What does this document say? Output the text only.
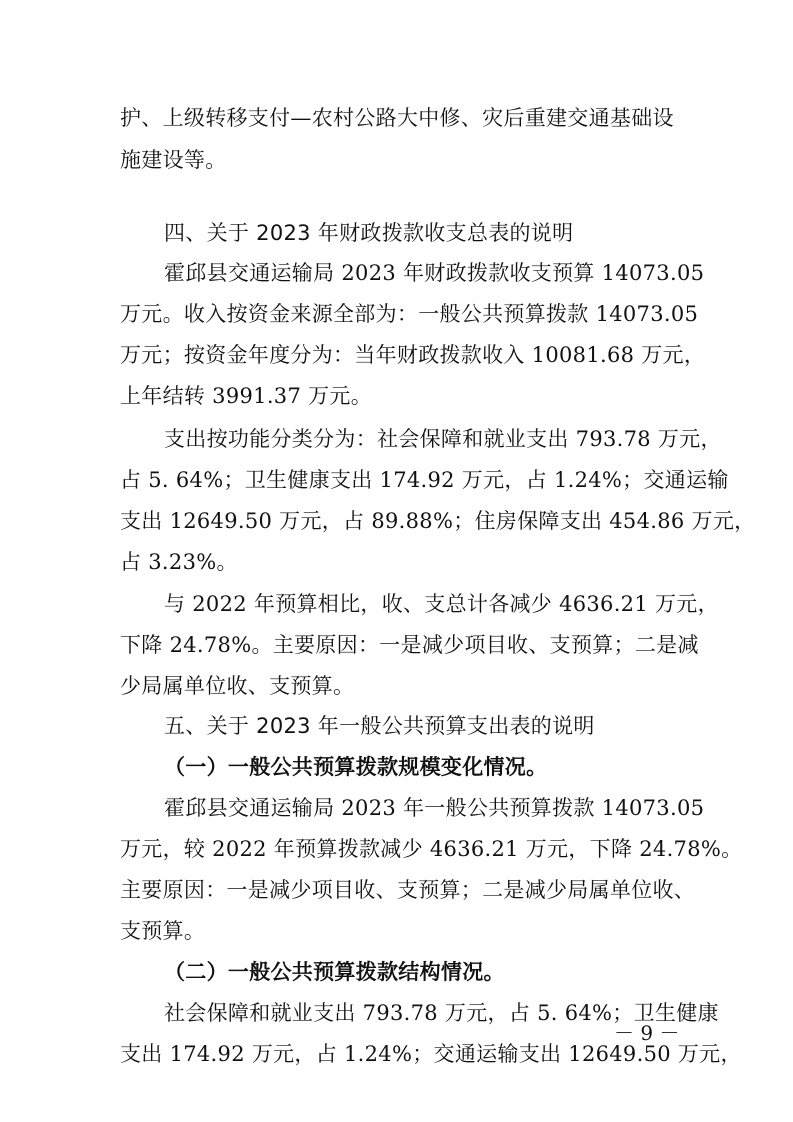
护、上级转移支付—农村公路大中修、灾后重建交通基础设
施建设等。
四、关于 2023 年财政拨款收支总表的说明
霍邱县交通运输局 2023 年财政拨款收支预算 14073.05
万元。收入按资金来源全部为：一般公共预算拨款 14073.05
万元；按资金年度分为：当年财政拨款收入 10081.68 万元，
上年结转 3991.37 万元。
支出按功能分类分为：社会保障和就业支出 793.78 万元，
占 5. 64%；卫生健康支出 174.92 万元，占 1.24%；交通运输
支出 12649.50 万元，占 89.88%；住房保障支出 454.86 万元，
占 3.23%。
与 2022 年预算相比，收、支总计各减少 4636.21 万元，
下降 24.78%。主要原因：一是减少项目收、支预算；二是减
少局属单位收、支预算。
五、关于 2023 年一般公共预算支出表的说明
（一）一般公共预算拨款规模变化情况。
霍邱县交通运输局 2023 年一般公共预算拨款 14073.05
万元，较 2022 年预算拨款减少 4636.21 万元，下降 24.78%。
主要原因：一是减少项目收、支预算；二是减少局属单位收、
支预算。
（二）一般公共预算拨款结构情况。
社会保障和就业支出 793.78 万元，占 5. 64%；卫生健康
支出 174.92 万元，占 1.24%；交通运输支出 12649.50 万元，
－ 9 －
